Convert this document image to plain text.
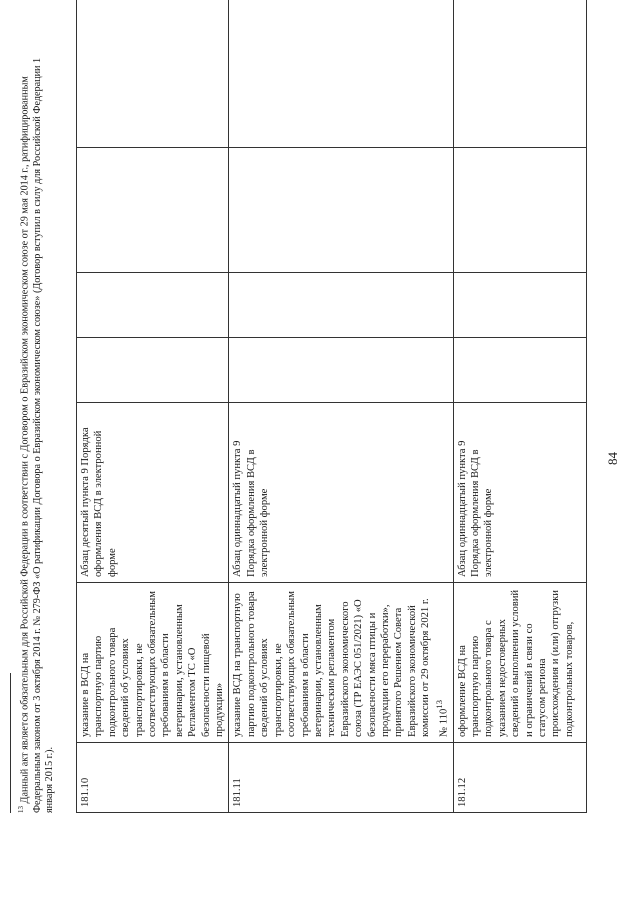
84
181.10	указание в ВСД на транспортную партию подконтрольного товара сведений об условиях транспортировки, не соответствующих обязательным требованиям в области ветеринарии, установленным Регламентом ТС «О безопасности пищевой продукции»	Абзац десятый пункта 9 Порядка оформления ВСД в электронной форме				
181.11	указание ВСД на транспортную партию подконтрольного товара сведений об условиях транспортировки, не соответствующих обязательным требованиям в области ветеринарии, установленным техническим регламентом Евразийского экономического союза (ТР ЕАЭС 051/2021) «О безопасности мяса птицы и продукции его переработки», принятого Решением Совета Евразийского экономической комиссии от 29 октября 2021 г. № $110^{13}$	Абзац одиннадцатый пункта 9 Порядка оформления ВСД в электронной форме				
181.12	оформление ВСД на транспортную партию подконтрольного товара с указанием недостоверных сведений о выполнении условий и ограничений в связи со статусом региона происхождения и (или) отгрузки подконтрольных товаров,	Абзац одиннадцатый пункта 9 Порядка оформления ВСД в электронной форме				
$^{13}$ Данный акт является обязательным для Российской Федерации в соответствии с Договором о Евразийском экономическом союзе от 29 мая 2014 г., ратифицированным Федеральным законом от 3 октября 2014 г. № 279-ФЗ «О ратификации Договора о Евразийском экономическом союзе» (Договор вступил в силу для Российской Федерации 1 января 2015 г.).
